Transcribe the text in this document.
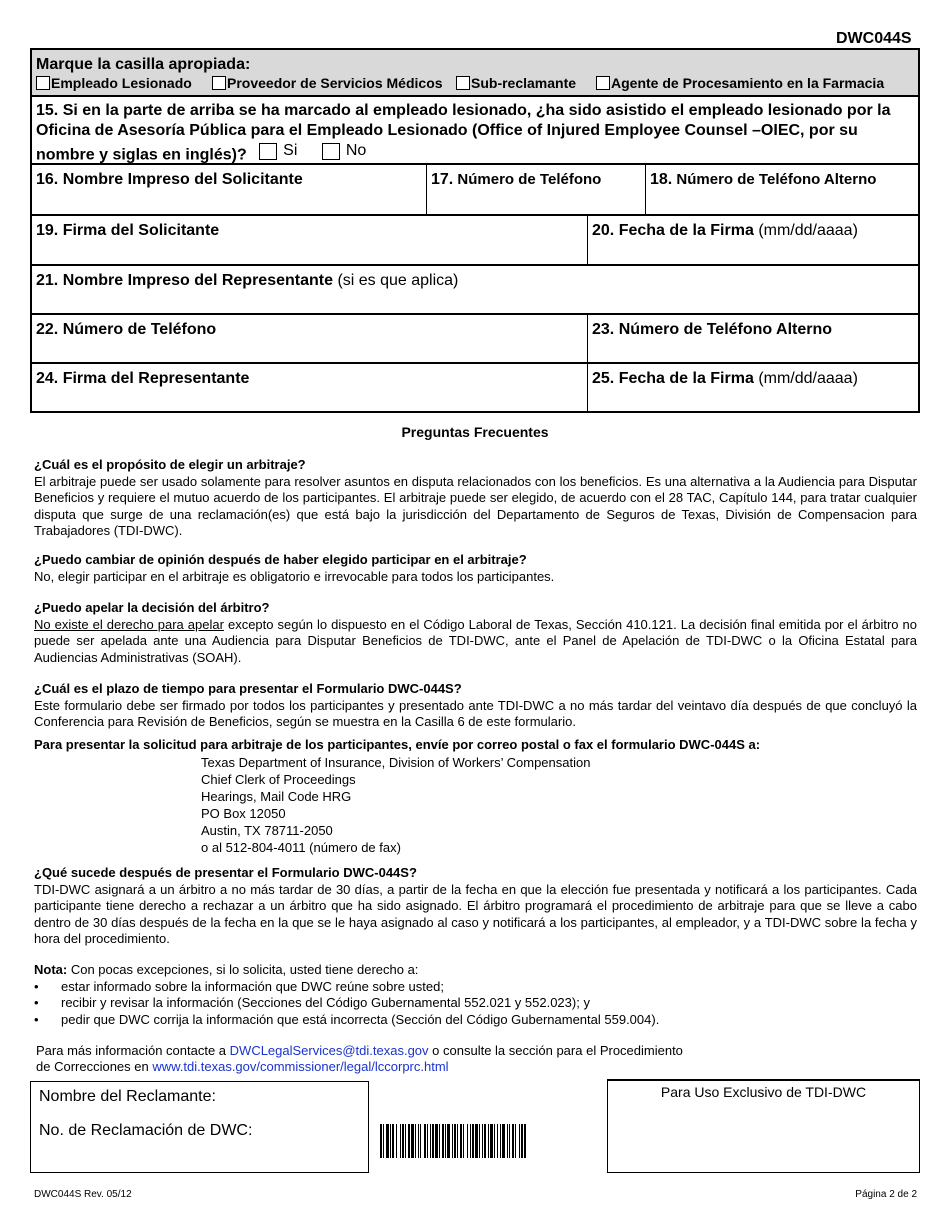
DWC044S
Marque la casilla apropiada:
Empleado Lesionado	Proveedor de Servicios Médicos Sub-reclamante Agente de Procesamiento en la Farmacia
15. Si en la parte de arriba se ha marcado al empleado lesionado, ¿ha sido asistido el empleado lesionado por la Oficina de Asesoría Pública para el Empleado Lesionado (Office of Injured Employee Counsel –OIEC, por su nombre y siglas en inglés)? Si
	No
16. Nombre Impreso del Solicitante	17. Número de Teléfono	18. Número de Teléfono Alterno
19. Firma del Solicitante	20. Fecha de la Firma (mm/dd/aaaa)
21. Nombre Impreso del Representante (si es que aplica)
22. Número de Teléfono	23. Número de Teléfono Alterno
24. Firma del Representante	25. Fecha de la Firma (mm/dd/aaaa)
Preguntas Frecuentes
¿Cuál es el propósito de elegir un arbitraje?
El arbitraje puede ser usado solamente para resolver asuntos en disputa relacionados con los beneficios. Es una alternativa a la Audiencia para Disputar Beneficios y requiere el mutuo acuerdo de los participantes. El arbitraje puede ser elegido, de acuerdo con el 28 TAC, Capítulo 144, para tratar cualquier disputa que surge de una reclamación(es) que está bajo la jurisdicción del Departamento de Seguros de Texas, División de Compensacion para Trabajadores (TDI-DWC).
¿Puedo cambiar de opinión después de haber elegido participar en el arbitraje?
No, elegir participar en el arbitraje es obligatorio e irrevocable para todos los participantes.
¿Puedo apelar la decisión del árbitro?
No existe el derecho para apelar excepto según lo dispuesto en el Código Laboral de Texas, Sección 410.121. La decisión final emitida por el árbitro no puede ser apelada ante una Audiencia para Disputar Beneficios de TDI-DWC, ante el Panel de Apelación de TDI-DWC o la Oficina Estatal para Audiencias Administrativas (SOAH).
¿Cuál es el plazo de tiempo para presentar el Formulario DWC-044S?
Este formulario debe ser firmado por todos los participantes y presentado ante TDI-DWC a no más tardar del veintavo día después de que concluyó la Conferencia para Revisión de Beneficios, según se muestra en la Casilla 6 de este formulario.
Para presentar la solicitud para arbitraje de los participantes, envíe por correo postal o fax el formulario DWC-044S a:
Texas Department of Insurance, Division of Workers’ Compensation
Chief Clerk of Proceedings
Hearings, Mail Code HRG
PO Box 12050
Austin, TX 78711-2050
o al 512-804-4011 (número de fax)
¿Qué sucede después de presentar el Formulario DWC-044S?
TDI-DWC asignará a un árbitro a no más tardar de 30 días, a partir de la fecha en que la elección fue presentada y notificará a los participantes. Cada participante tiene derecho a rechazar a un árbitro que ha sido asignado. El árbitro programará el procedimiento de arbitraje para que se lleve a cabo dentro de 30 días después de la fecha en la que se le haya asignado al caso y notificará a los participantes, al empleador, y a TDI-DWC sobre la fecha y hora del procedimiento.
Nota: Con pocas excepciones, si lo solicita, usted tiene derecho a:
• estar informado sobre la información que DWC reúne sobre usted;
• recibir y revisar la información (Secciones del Código Gubernamental 552.021 y 552.023); y
• pedir que DWC corrija la información que está incorrecta (Sección del Código Gubernamental 559.004).
Para más información contacte a DWCLegalServices@tdi.texas.gov o consulte la sección para el Procedimiento
de Correcciones en www.tdi.texas.gov/commissioner/legal/lccorprc.html
Nombre del Reclamante:
No. de Reclamación de DWC:
Para Uso Exclusivo de TDI-DWC
DWC044S Rev. 05/12	Página 2 de 2
